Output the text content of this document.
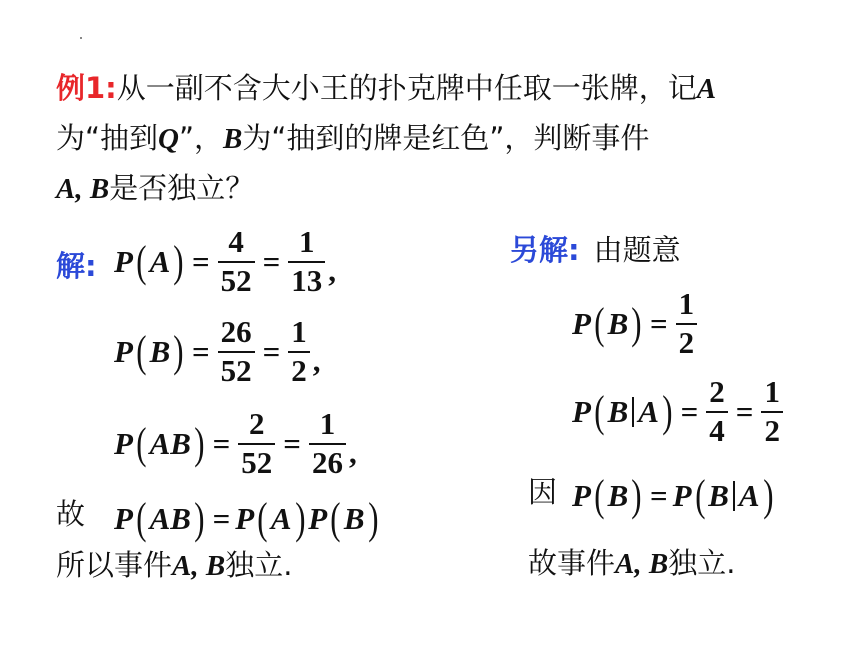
例1:从一副不含大小王的扑克牌中任取一张牌，记A
为“抽到Q”，B为“抽到的牌是红色”，判断事件
A, B是否独立？
解: P ( A ) = $\frac{4}{52} = \frac{1}{13}$ ,
P ( B ) = $\frac{26}{52} = \frac{1}{2}$ ,
P ( AB ) = $\frac{2}{52} = \frac{1}{26}$ ,
故 P ( AB ) = P ( A ) P ( B )
所以事件A, B独立.
另解: 由题意
P ( B ) = $\frac{1}{2}$
P ( B A ) = $\frac{2}{4} = \frac{1}{2}$
因 P ( B ) = P ( B A )
故事件A, B独立.
